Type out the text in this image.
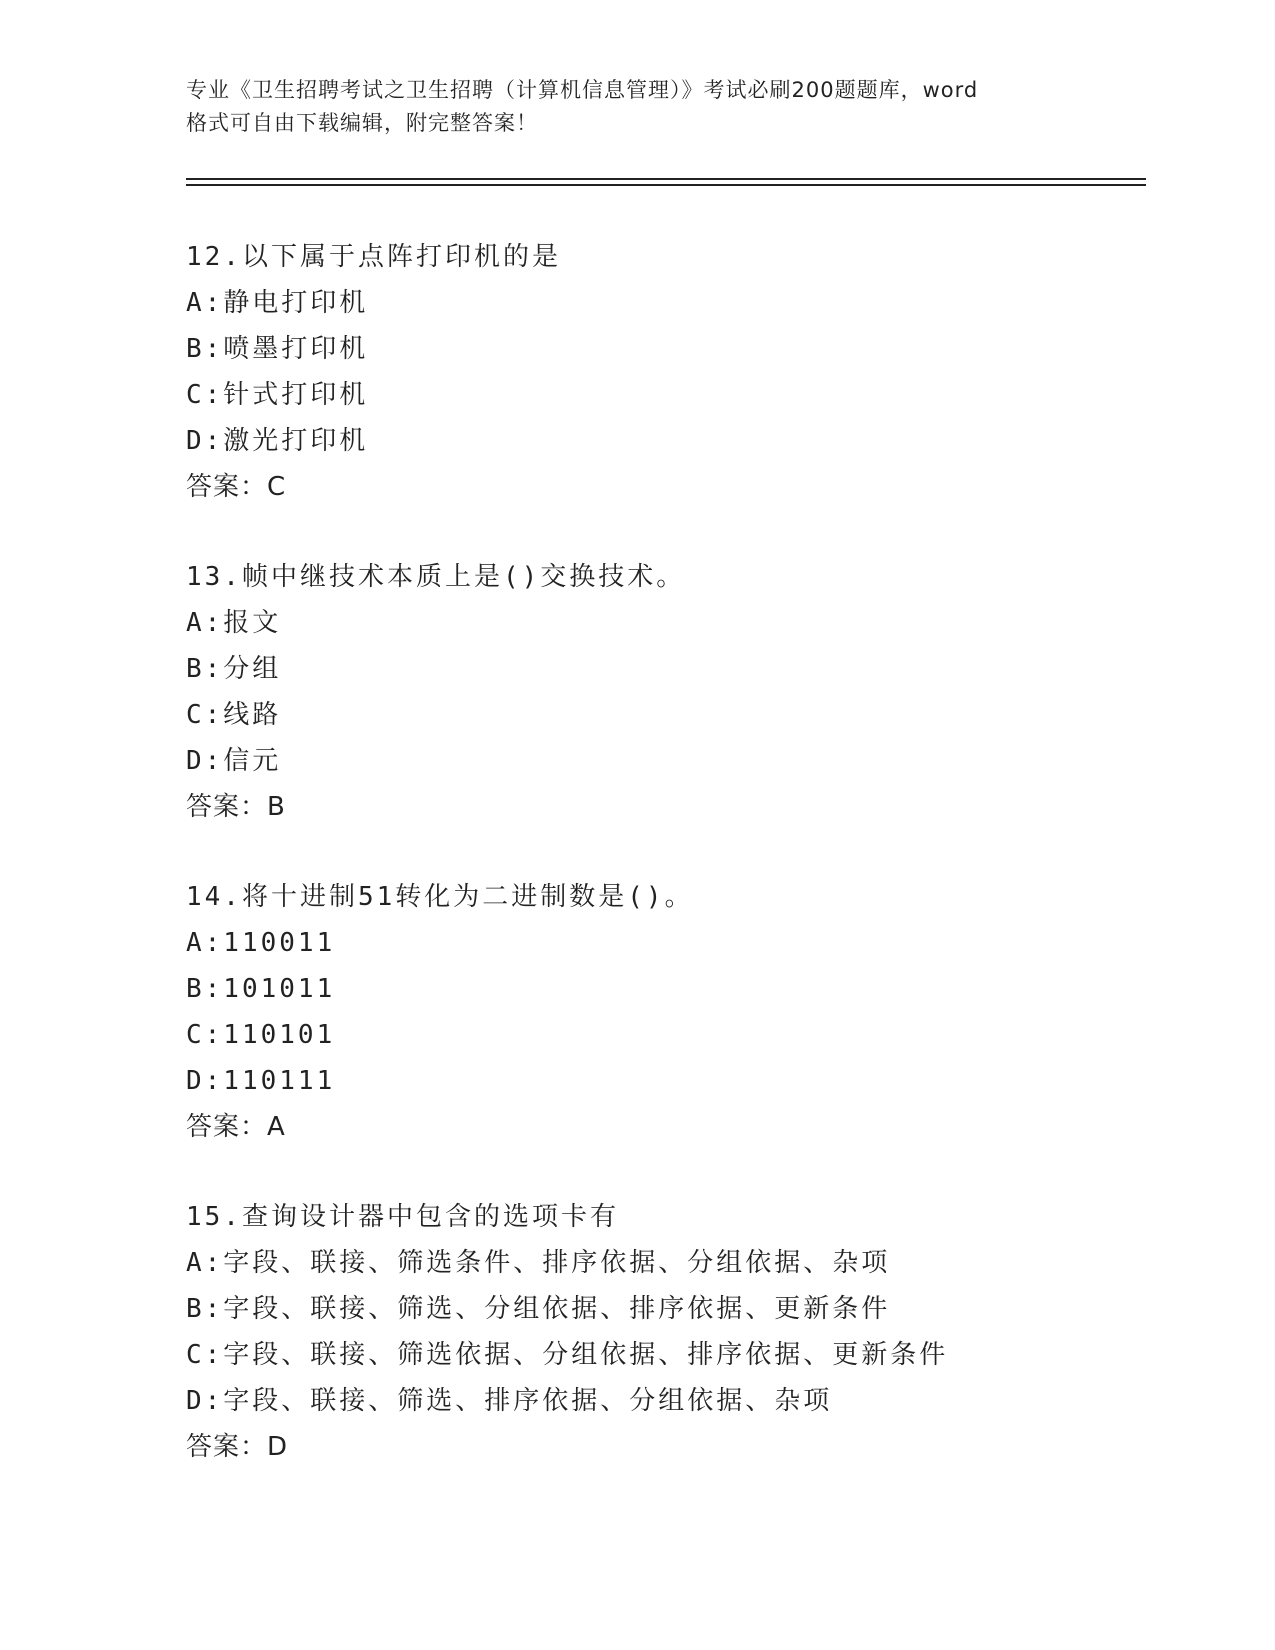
专业《卫生招聘考试之卫生招聘（计算机信息管理）》考试必刷200题题库，word
格式可自由下载编辑，附完整答案！
12.以下属于点阵打印机的是
A:静电打印机
B:喷墨打印机
C:针式打印机
D:激光打印机
答案：C
13.帧中继技术本质上是()交换技术。
A:报文
B:分组
C:线路
D:信元
答案：B
14.将十进制51转化为二进制数是()。
A:110011
B:101011
C:110101
D:110111
答案：A
15.查询设计器中包含的选项卡有
A:字段、联接、筛选条件、排序依据、分组依据、杂项
B:字段、联接、筛选、分组依据、排序依据、更新条件
C:字段、联接、筛选依据、分组依据、排序依据、更新条件
D:字段、联接、筛选、排序依据、分组依据、杂项
答案：D
